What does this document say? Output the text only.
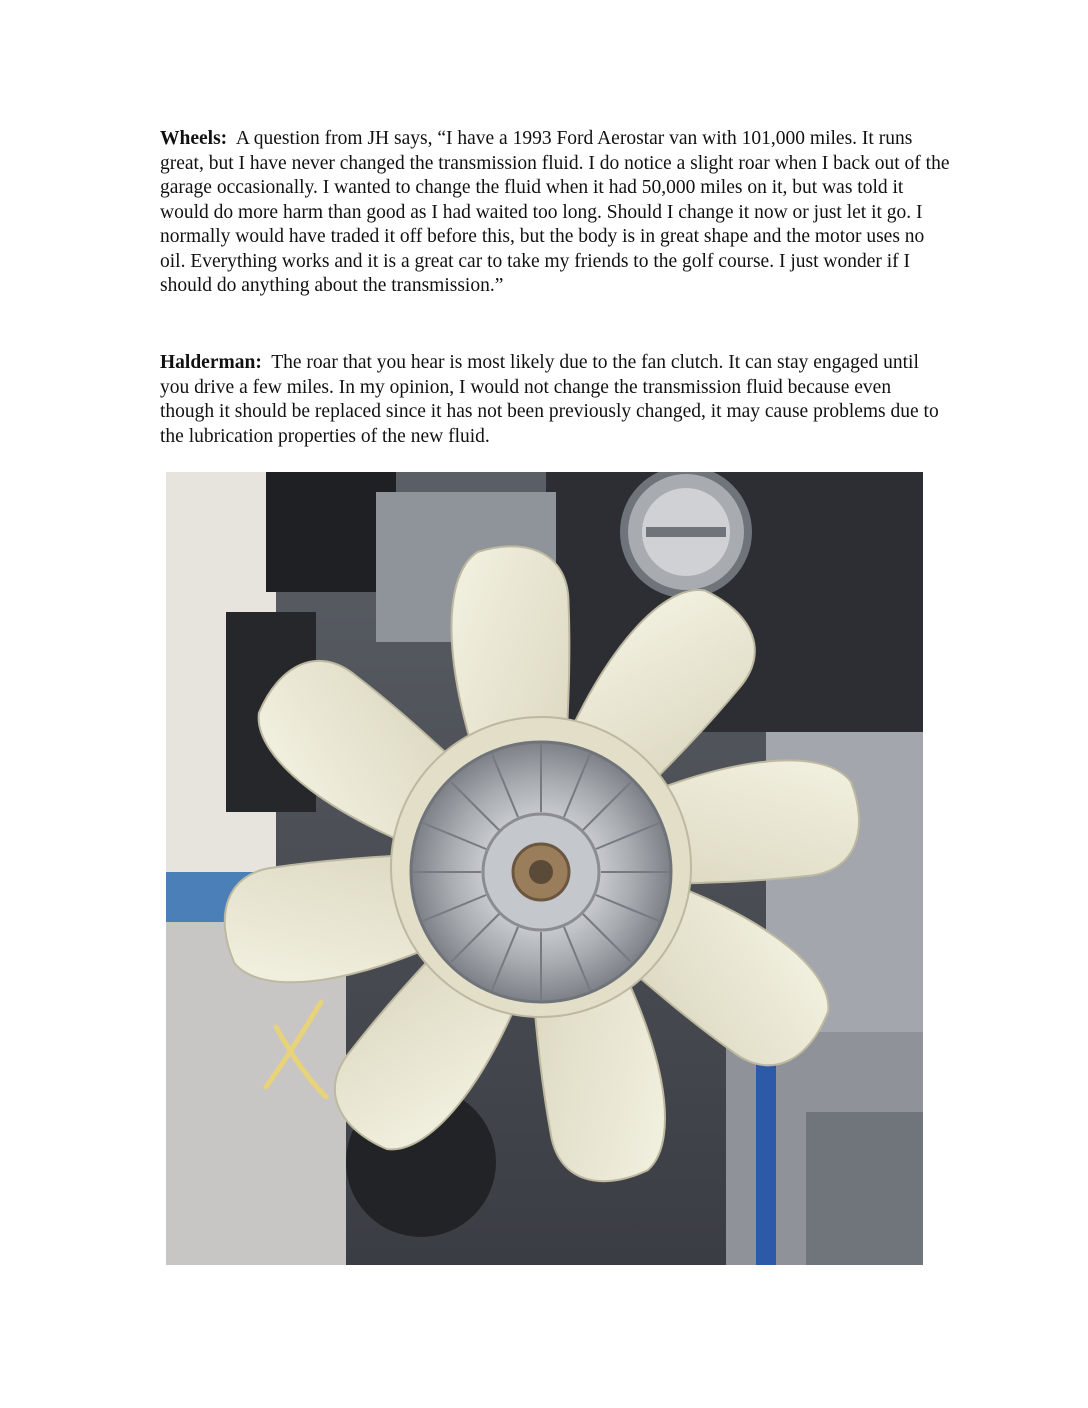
Wheels: A question from JH says, “I have a 1993 Ford Aerostar van with 101,000 miles. It runs great, but I have never changed the transmission fluid. I do notice a slight roar when I back out of the garage occasionally. I wanted to change the fluid when it had 50,000 miles on it, but was told it would do more harm than good as I had waited too long. Should I change it now or just let it go. I normally would have traded it off before this, but the body is in great shape and the motor uses no oil. Everything works and it is a great car to take my friends to the golf course. I just wonder if I should do anything about the transmission.”

Halderman: The roar that you hear is most likely due to the fan clutch. It can stay engaged until you drive a few miles. In my opinion, I would not change the transmission fluid because even though it should be replaced since it has not been previously changed, it may cause problems due to the lubrication properties of the new fluid.
